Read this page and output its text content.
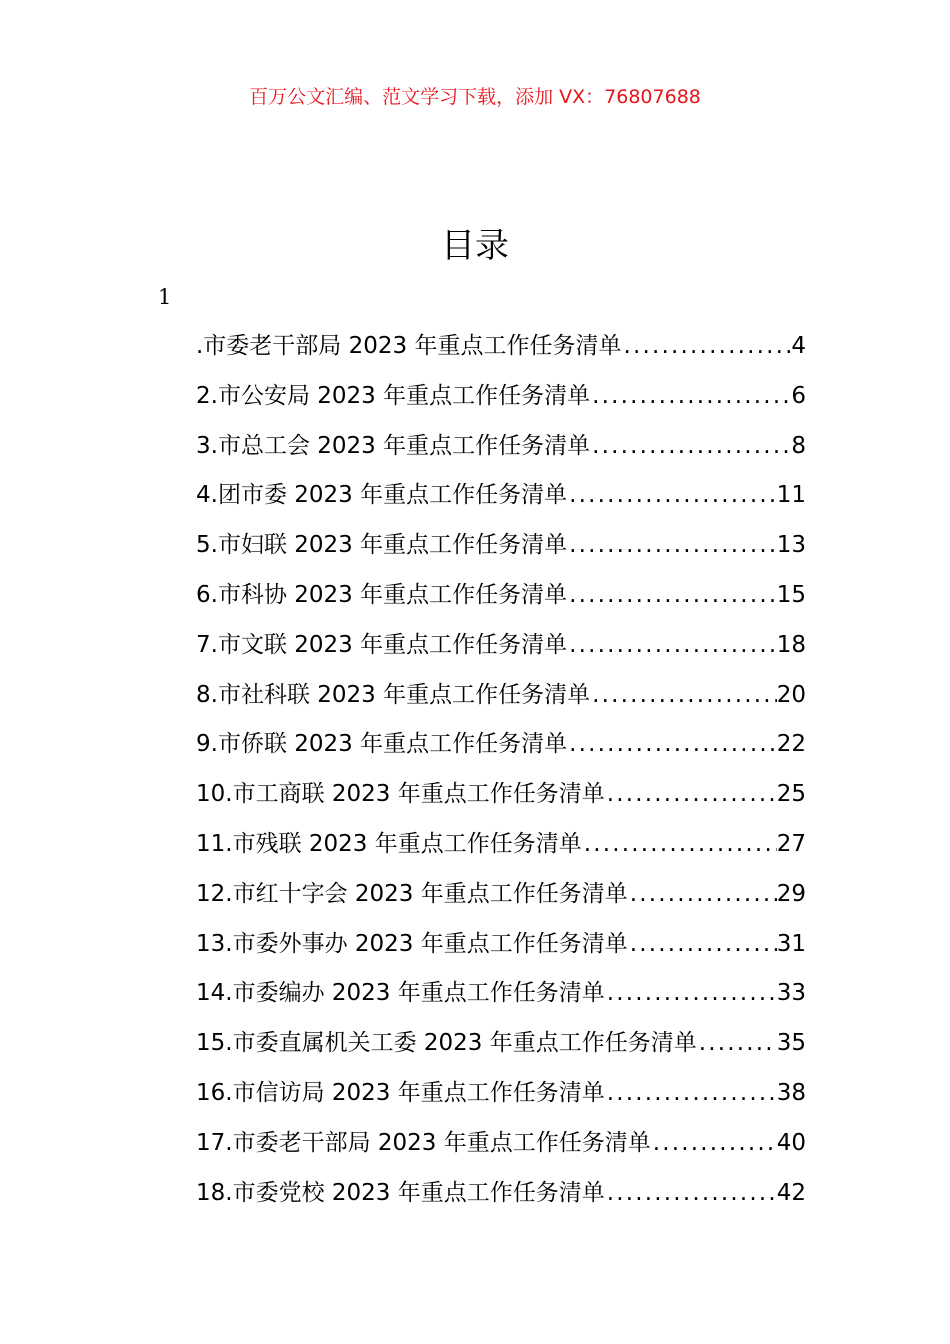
百万公文汇编、范文学习下载，添加 VX：76807688
目录
1
.市委老干部局 2023 年重点工作任务清单 .....	4
2.市公安局 2023 年重点工作任务清单 .....	6
3.市总工会 2023 年重点工作任务清单 .....	8
4.团市委 2023 年重点工作任务清单 .....	11
5.市妇联 2023 年重点工作任务清单 .....	13
6.市科协 2023 年重点工作任务清单 .....	15
7.市文联 2023 年重点工作任务清单 .....	18
8.市社科联 2023 年重点工作任务清单 .....	20
9.市侨联 2023 年重点工作任务清单 .....	22
10.市工商联 2023 年重点工作任务清单 .....	25
11.市残联 2023 年重点工作任务清单 .....	27
12.市红十字会 2023 年重点工作任务清单 .....	29
13.市委外事办 2023 年重点工作任务清单 .....	31
14.市委编办 2023 年重点工作任务清单 .....	33
15.市委直属机关工委 2023 年重点工作任务清单 .....	35
16.市信访局 2023 年重点工作任务清单 .....	38
17.市委老干部局 2023 年重点工作任务清单 .....	40
18.市委党校 2023 年重点工作任务清单 .....	42
